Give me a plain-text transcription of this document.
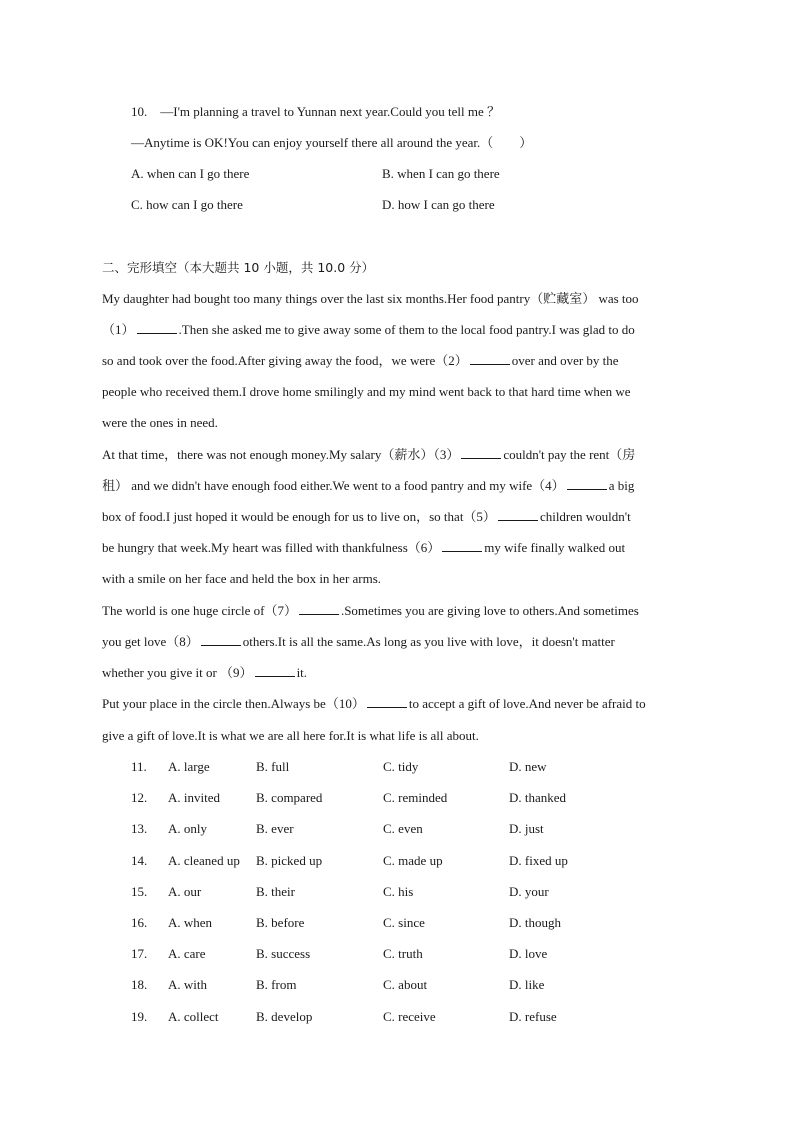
10.　—I'm planning a travel to Yunnan next year.Could you tell me ？
—Anytime is OK!You can enjoy yourself there all around the year.（　　）
A. when can I go there	B. when I can go there
C. how can I go there	D. how I can go there
二、完形填空（本大题共 10 小题，共 10.0 分）
My daughter had bought too many things over the last six months.Her food pantry（贮藏室） was too
（1）	.Then she asked me to give away some of them to the local food pantry.I was glad to do
so and took over the food.After giving away the food，we were（2）	over and over by the
people who received them.I drove home smilingly and my mind went back to that hard time when we
were the ones in need.
At that time，there was not enough money.My salary（薪水）（3）	couldn't pay the rent（房
租） and we didn't have enough food either.We went to a food pantry and my wife（4）	a big
box of food.I just hoped it would be enough for us to live on，so that（5）	children wouldn't
be hungry that week.My heart was filled with thankfulness（6）	my wife finally walked out
with a smile on her face and held the box in her arms.
The world is one huge circle of（7）	.Sometimes you are giving love to others.And sometimes
you get love（8）	others.It is all the same.As long as you live with love，it doesn't matter
whether you give it or （9）	it.
Put your place in the circle then.Always be（10）	to accept a gift of love.And never be afraid to
give a gift of love.It is what we are all here for.It is what life is all about.
11. A. large	B. full	C. tidy	D. new
12. A. invited	B. compared	C. reminded	D. thanked
13. A. only	B. ever	C. even	D. just
14. A. cleaned up B. picked up	C. made up	D. fixed up
15. A. our	B. their	C. his	D. your
16. A. when	B. before	C. since	D. though
17. A. care	B. success	C. truth	D. love
18. A. with	B. from	C. about	D. like
19. A. collect	B. develop	C. receive	D. refuse
